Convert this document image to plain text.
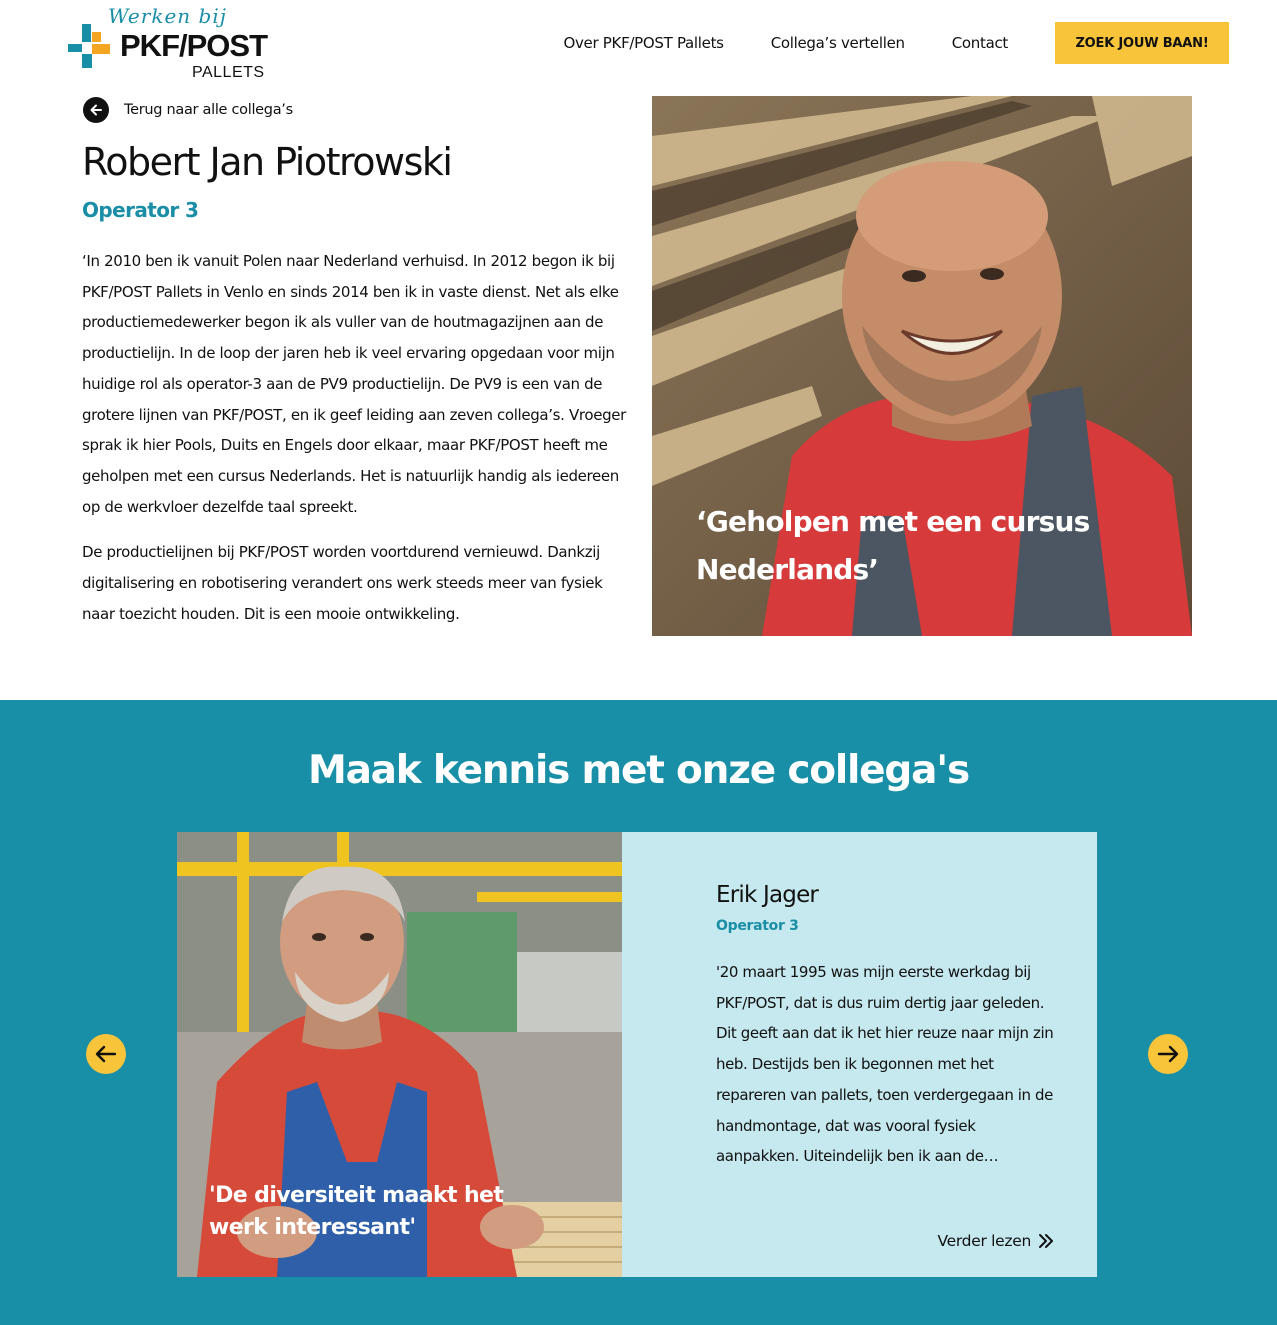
Werken bij
PKF/POST
PALLETS
Over PKF/POST Pallets	Collega’s vertellen	Contact	ZOEK JOUW BAAN!
Terug naar alle collega’s
Robert Jan Piotrowski
Operator 3

‘In 2010 ben ik vanuit Polen naar Nederland verhuisd. In 2012 begon ik bij PKF/POST Pallets in Venlo en sinds 2014 ben ik in vaste dienst. Net als elke productiemedewerker begon ik als vuller van de houtmagazijnen aan de productielijn. In de loop der jaren heb ik veel ervaring opgedaan voor mijn huidige rol als operator-3 aan de PV9 productielijn. De PV9 is een van de grotere lijnen van PKF/POST, en ik geef leiding aan zeven collega’s. Vroeger sprak ik hier Pools, Duits en Engels door elkaar, maar PKF/POST heeft me geholpen met een cursus Nederlands. Het is natuurlijk handig als iedereen op de werkvloer dezelfde taal spreekt.

De productielijnen bij PKF/POST worden voortdurend vernieuwd. Dankzij digitalisering en robotisering verandert ons werk steeds meer van fysiek naar toezicht houden. Dit is een mooie ontwikkeling.

‘Geholpen met een cursus Nederlands’
Maak kennis met onze collega's
'De diversiteit maakt het werk interessant'
Erik Jager
Operator 3
'20 maart 1995 was mijn eerste werkdag bij PKF/POST, dat is dus ruim dertig jaar geleden. Dit geeft aan dat ik het hier reuze naar mijn zin heb. Destijds ben ik begonnen met het repareren van pallets, toen verdergegaan in de handmontage, dat was vooral fysiek aanpakken. Uiteindelijk ben ik aan de…
Verder lezen
